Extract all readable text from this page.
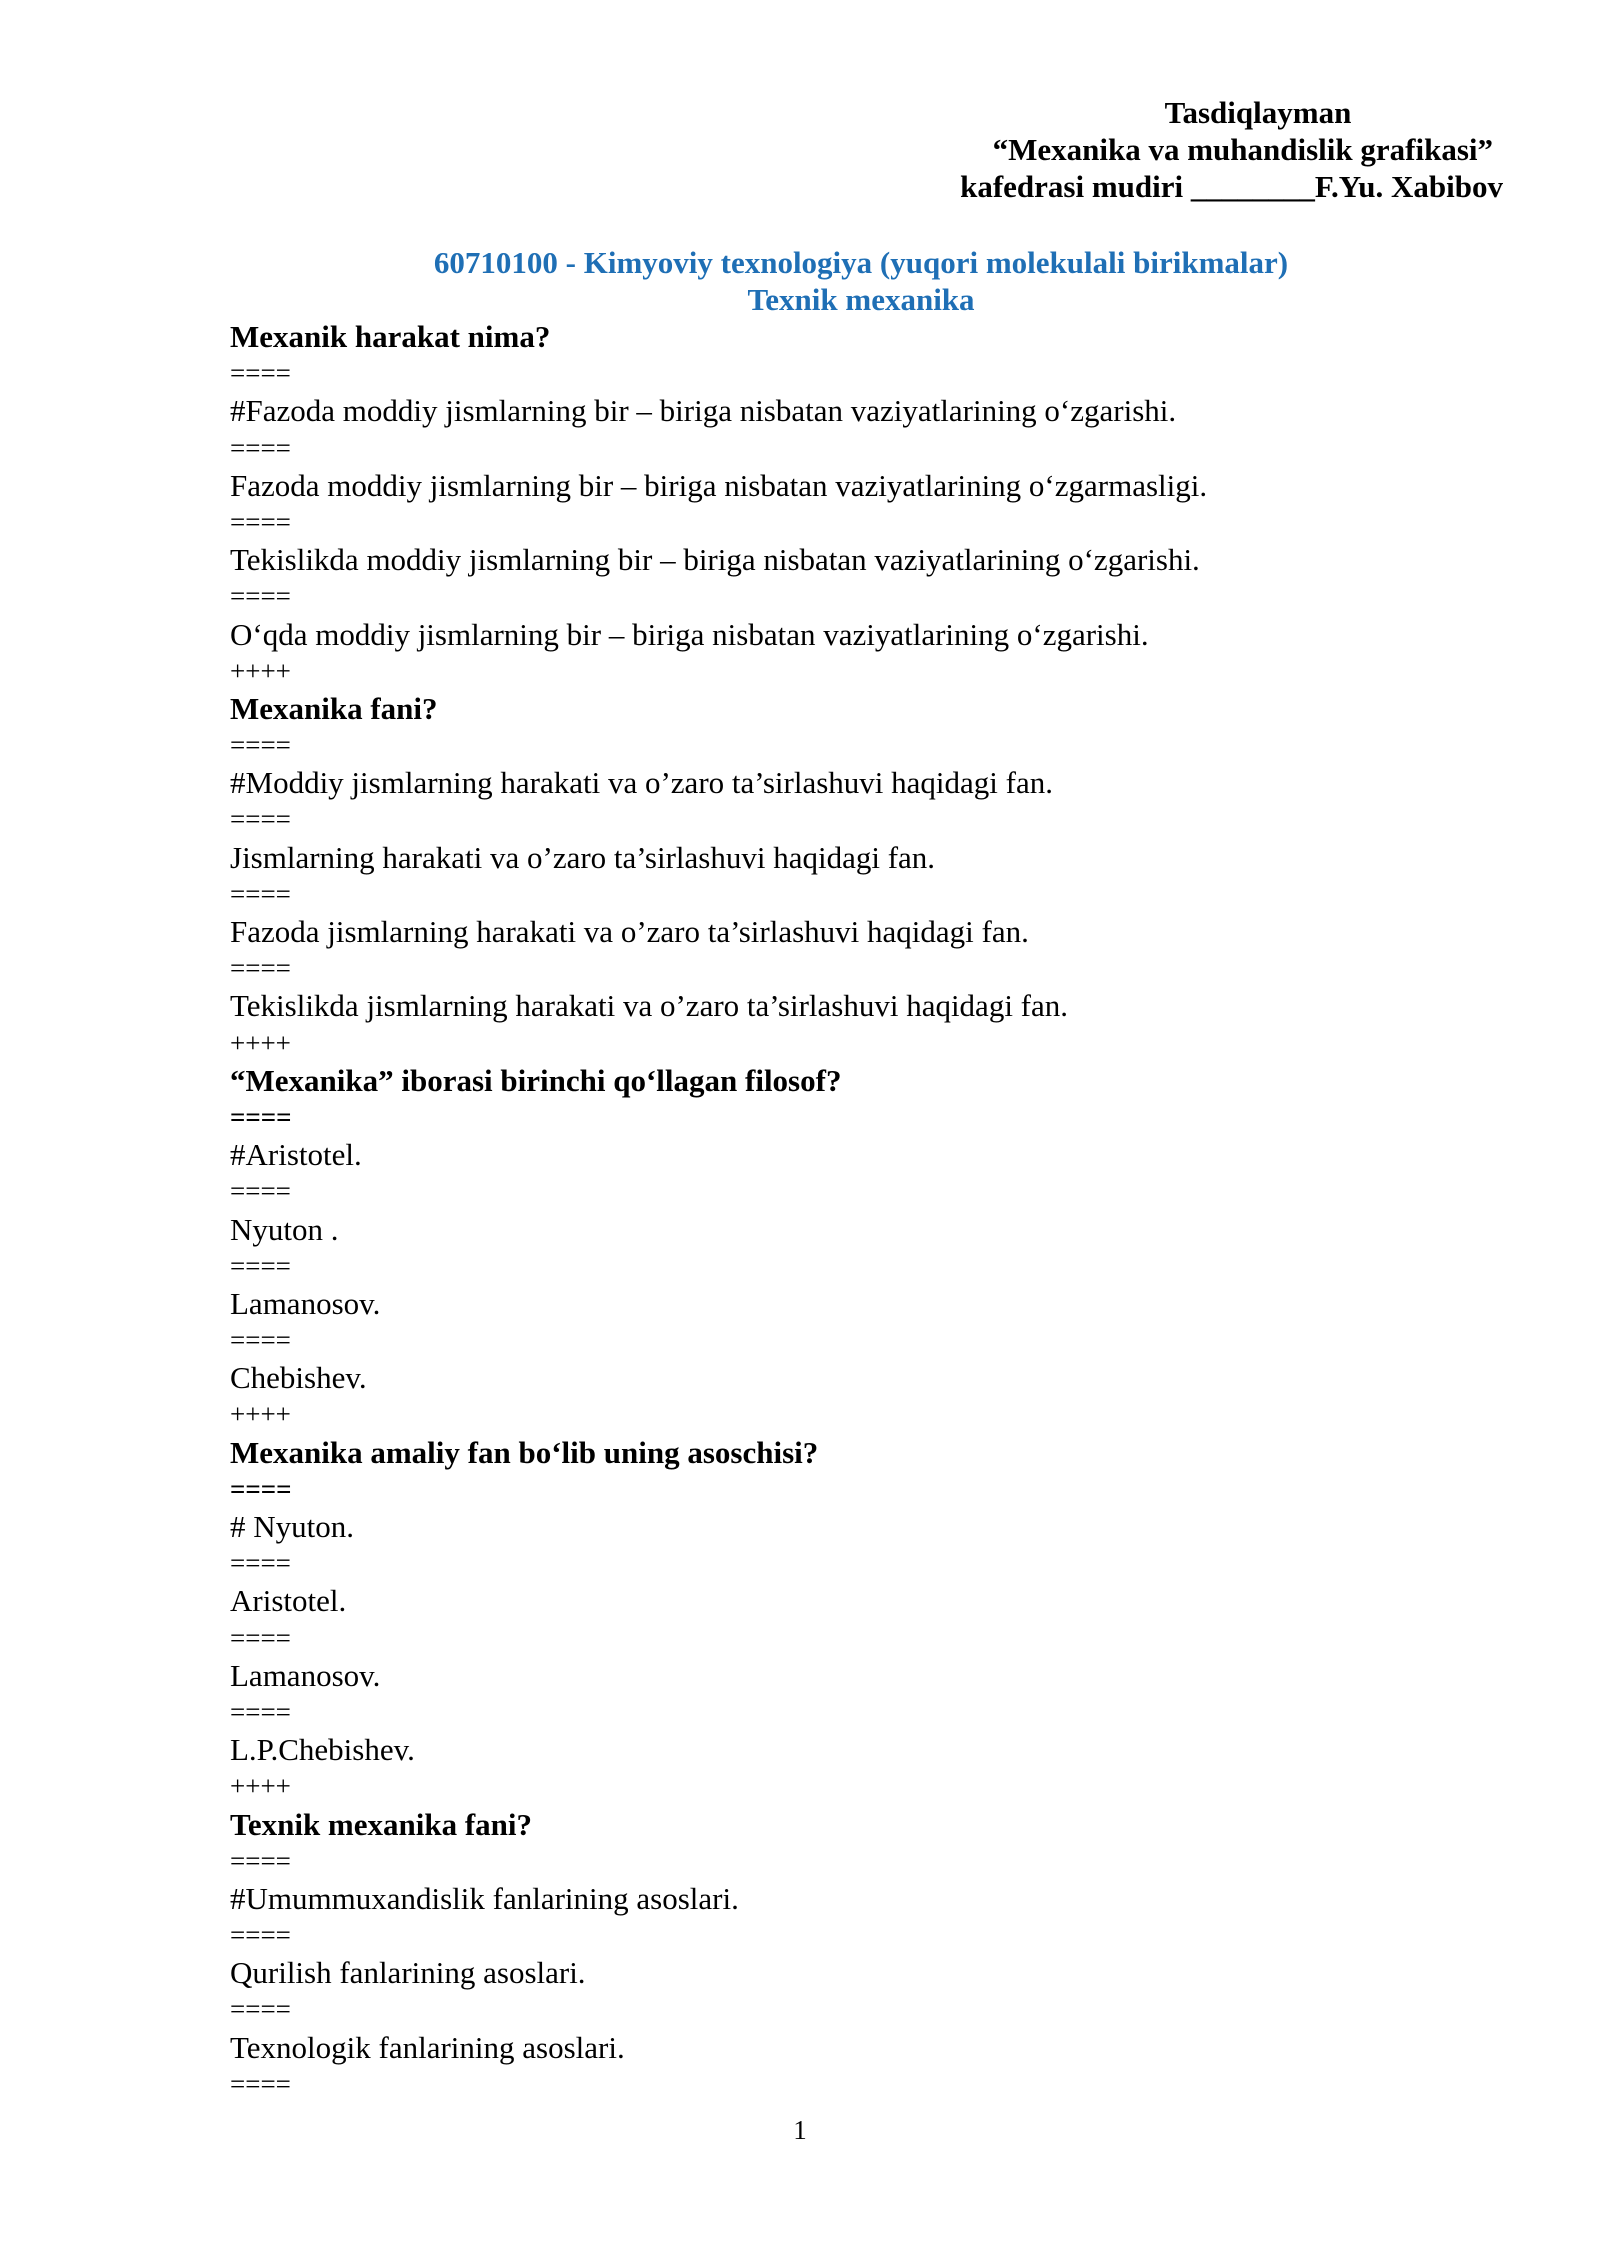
Tasdiqlayman
“Mexanika va muhandislik grafikasi”
kafedrasi mudiri ________F.Yu. Xabibov
60710100 - Kimyoviy texnologiya (yuqori molekulali birikmalar)
Texnik mexanika
Mexanik harakat nima?
====
#Fazoda moddiy jismlarning bir – biriga nisbatan vaziyatlarining o‘zgarishi.
====
Fazoda moddiy jismlarning bir – biriga nisbatan vaziyatlarining o‘zgarmasligi.
====
Tekislikda moddiy jismlarning bir – biriga nisbatan vaziyatlarining o‘zgarishi.
====
O‘qda moddiy jismlarning bir – biriga nisbatan vaziyatlarining o‘zgarishi.
++++
Mexanika fani?
====
#Moddiy jismlarning harakati va o’zaro ta’sirlashuvi haqidagi fan.
====
Jismlarning harakati va o’zaro ta’sirlashuvi haqidagi fan.
====
Fazoda jismlarning harakati va o’zaro ta’sirlashuvi haqidagi fan.
====
Tekislikda jismlarning harakati va o’zaro ta’sirlashuvi haqidagi fan.
++++
“Mexanika” iborasi birinchi qo‘llagan filosof?
====
#Aristotel.
====
Nyuton .
====
Lamanosov.
====
Chebishev.
++++
Mexanika amaliy fan bo‘lib uning asoschisi?
====
# Nyuton.
====
Aristotel.
====
Lamanosov.
====
L.P.Chebishev.
++++
Texnik mexanika fani?
====
#Umummuxandislik fanlarining asoslari.
====
Qurilish fanlarining asoslari.
====
Texnologik fanlarining asoslari.
====
1
